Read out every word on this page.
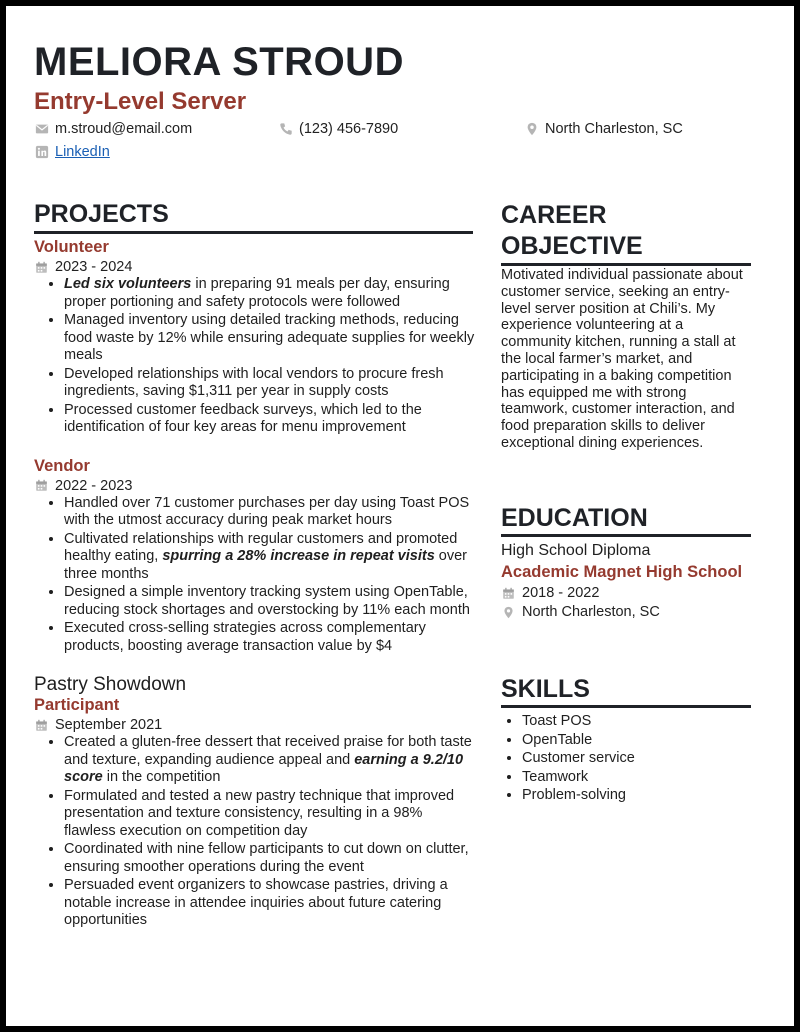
MELIORA STROUD
Entry-Level Server
m.stroud@email.com	(123) 456-7890	North Charleston, SC
LinkedIn
PROJECTS
Volunteer
2023 - 2024
• Led six volunteers in preparing 91 meals per day, ensuring proper portioning and safety protocols were followed
• Managed inventory using detailed tracking methods, reducing food waste by 12% while ensuring adequate supplies for weekly meals
• Developed relationships with local vendors to procure fresh ingredients, saving $1,311 per year in supply costs
• Processed customer feedback surveys, which led to the identification of four key areas for menu improvement
Vendor
2022 - 2023
• Handled over 71 customer purchases per day using Toast POS with the utmost accuracy during peak market hours
• Cultivated relationships with regular customers and promoted healthy eating, spurring a 28% increase in repeat visits over three months
• Designed a simple inventory tracking system using OpenTable, reducing stock shortages and overstocking by 11% each month
• Executed cross-selling strategies across complementary products, boosting average transaction value by $4
Pastry Showdown
Participant
September 2021
• Created a gluten-free dessert that received praise for both taste and texture, expanding audience appeal and earning a 9.2/10 score in the competition
• Formulated and tested a new pastry technique that improved presentation and texture consistency, resulting in a 98% flawless execution on competition day
• Coordinated with nine fellow participants to cut down on clutter, ensuring smoother operations during the event
• Persuaded event organizers to showcase pastries, driving a notable increase in attendee inquiries about future catering opportunities
CAREER
OBJECTIVE
Motivated individual passionate about customer service, seeking an entry-level server position at Chili’s. My experience volunteering at a community kitchen, running a stall at the local farmer’s market, and participating in a baking competition has equipped me with strong teamwork, customer interaction, and food preparation skills to deliver exceptional dining experiences.
EDUCATION
High School Diploma
Academic Magnet High School
2018 - 2022
North Charleston, SC
SKILLS
• Toast POS
• OpenTable
• Customer service
• Teamwork
• Problem-solving
